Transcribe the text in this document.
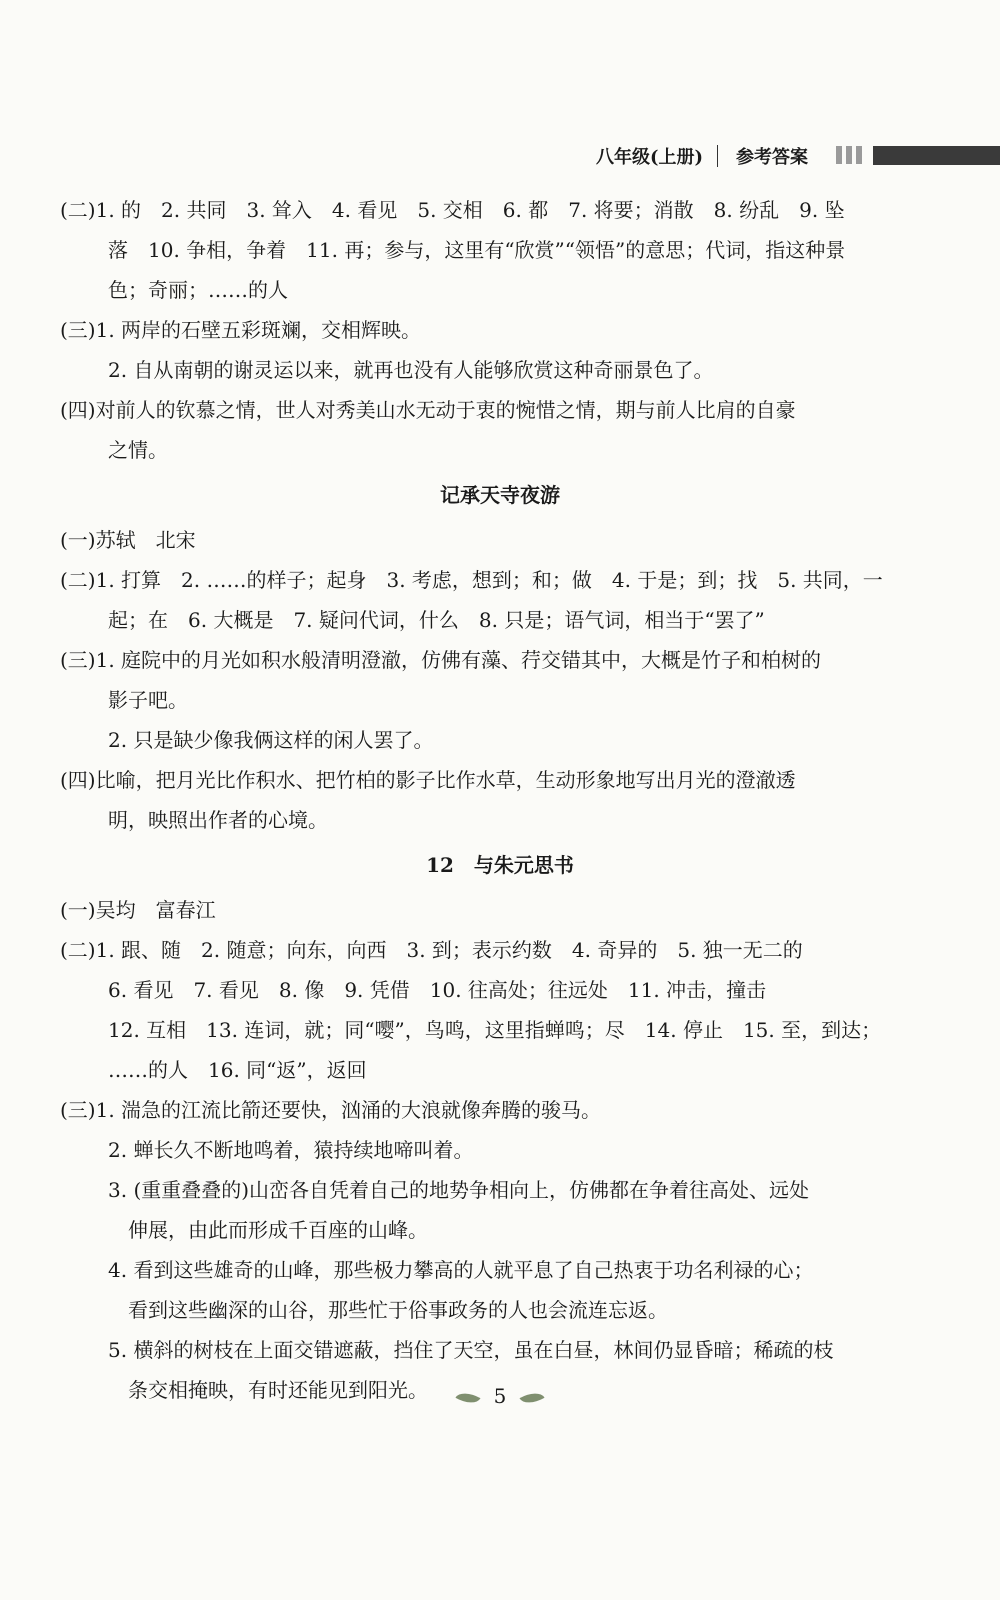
八年级(上册) 参考答案
(二)1. 的　2. 共同　3. 耸入　4. 看见　5. 交相　6. 都　7. 将要；消散　8. 纷乱　9. 坠
落　10. 争相，争着　11. 再；参与，这里有“欣赏”“领悟”的意思；代词，指这种景
色；奇丽；……的人
(三)1. 两岸的石壁五彩斑斓，交相辉映。
2. 自从南朝的谢灵运以来，就再也没有人能够欣赏这种奇丽景色了。
(四)对前人的钦慕之情，世人对秀美山水无动于衷的惋惜之情，期与前人比肩的自豪
之情。
记承天寺夜游
(一)苏轼　北宋
(二)1. 打算　2. ……的样子；起身　3. 考虑，想到；和；做　4. 于是；到；找　5. 共同，一
起；在　6. 大概是　7. 疑问代词，什么　8. 只是；语气词，相当于“罢了”
(三)1. 庭院中的月光如积水般清明澄澈，仿佛有藻、荇交错其中，大概是竹子和柏树的
影子吧。
2. 只是缺少像我俩这样的闲人罢了。
(四)比喻，把月光比作积水、把竹柏的影子比作水草，生动形象地写出月光的澄澈透
明，映照出作者的心境。
12　与朱元思书
(一)吴均　富春江
(二)1. 跟、随　2. 随意；向东，向西　3. 到；表示约数　4. 奇异的　5. 独一无二的
6. 看见　7. 看见　8. 像　9. 凭借　10. 往高处；往远处　11. 冲击，撞击
12. 互相　13. 连词，就；同“嘤”，鸟鸣，这里指蝉鸣；尽　14. 停止　15. 至，到达；
……的人　16. 同“返”，返回
(三)1. 湍急的江流比箭还要快，汹涌的大浪就像奔腾的骏马。
2. 蝉长久不断地鸣着，猿持续地啼叫着。
3. (重重叠叠的)山峦各自凭着自己的地势争相向上，仿佛都在争着往高处、远处
伸展，由此而形成千百座的山峰。
4. 看到这些雄奇的山峰，那些极力攀高的人就平息了自己热衷于功名利禄的心；
看到这些幽深的山谷，那些忙于俗事政务的人也会流连忘返。
5. 横斜的树枝在上面交错遮蔽，挡住了天空，虽在白昼，林间仍显昏暗；稀疏的枝
条交相掩映，有时还能见到阳光。	5
